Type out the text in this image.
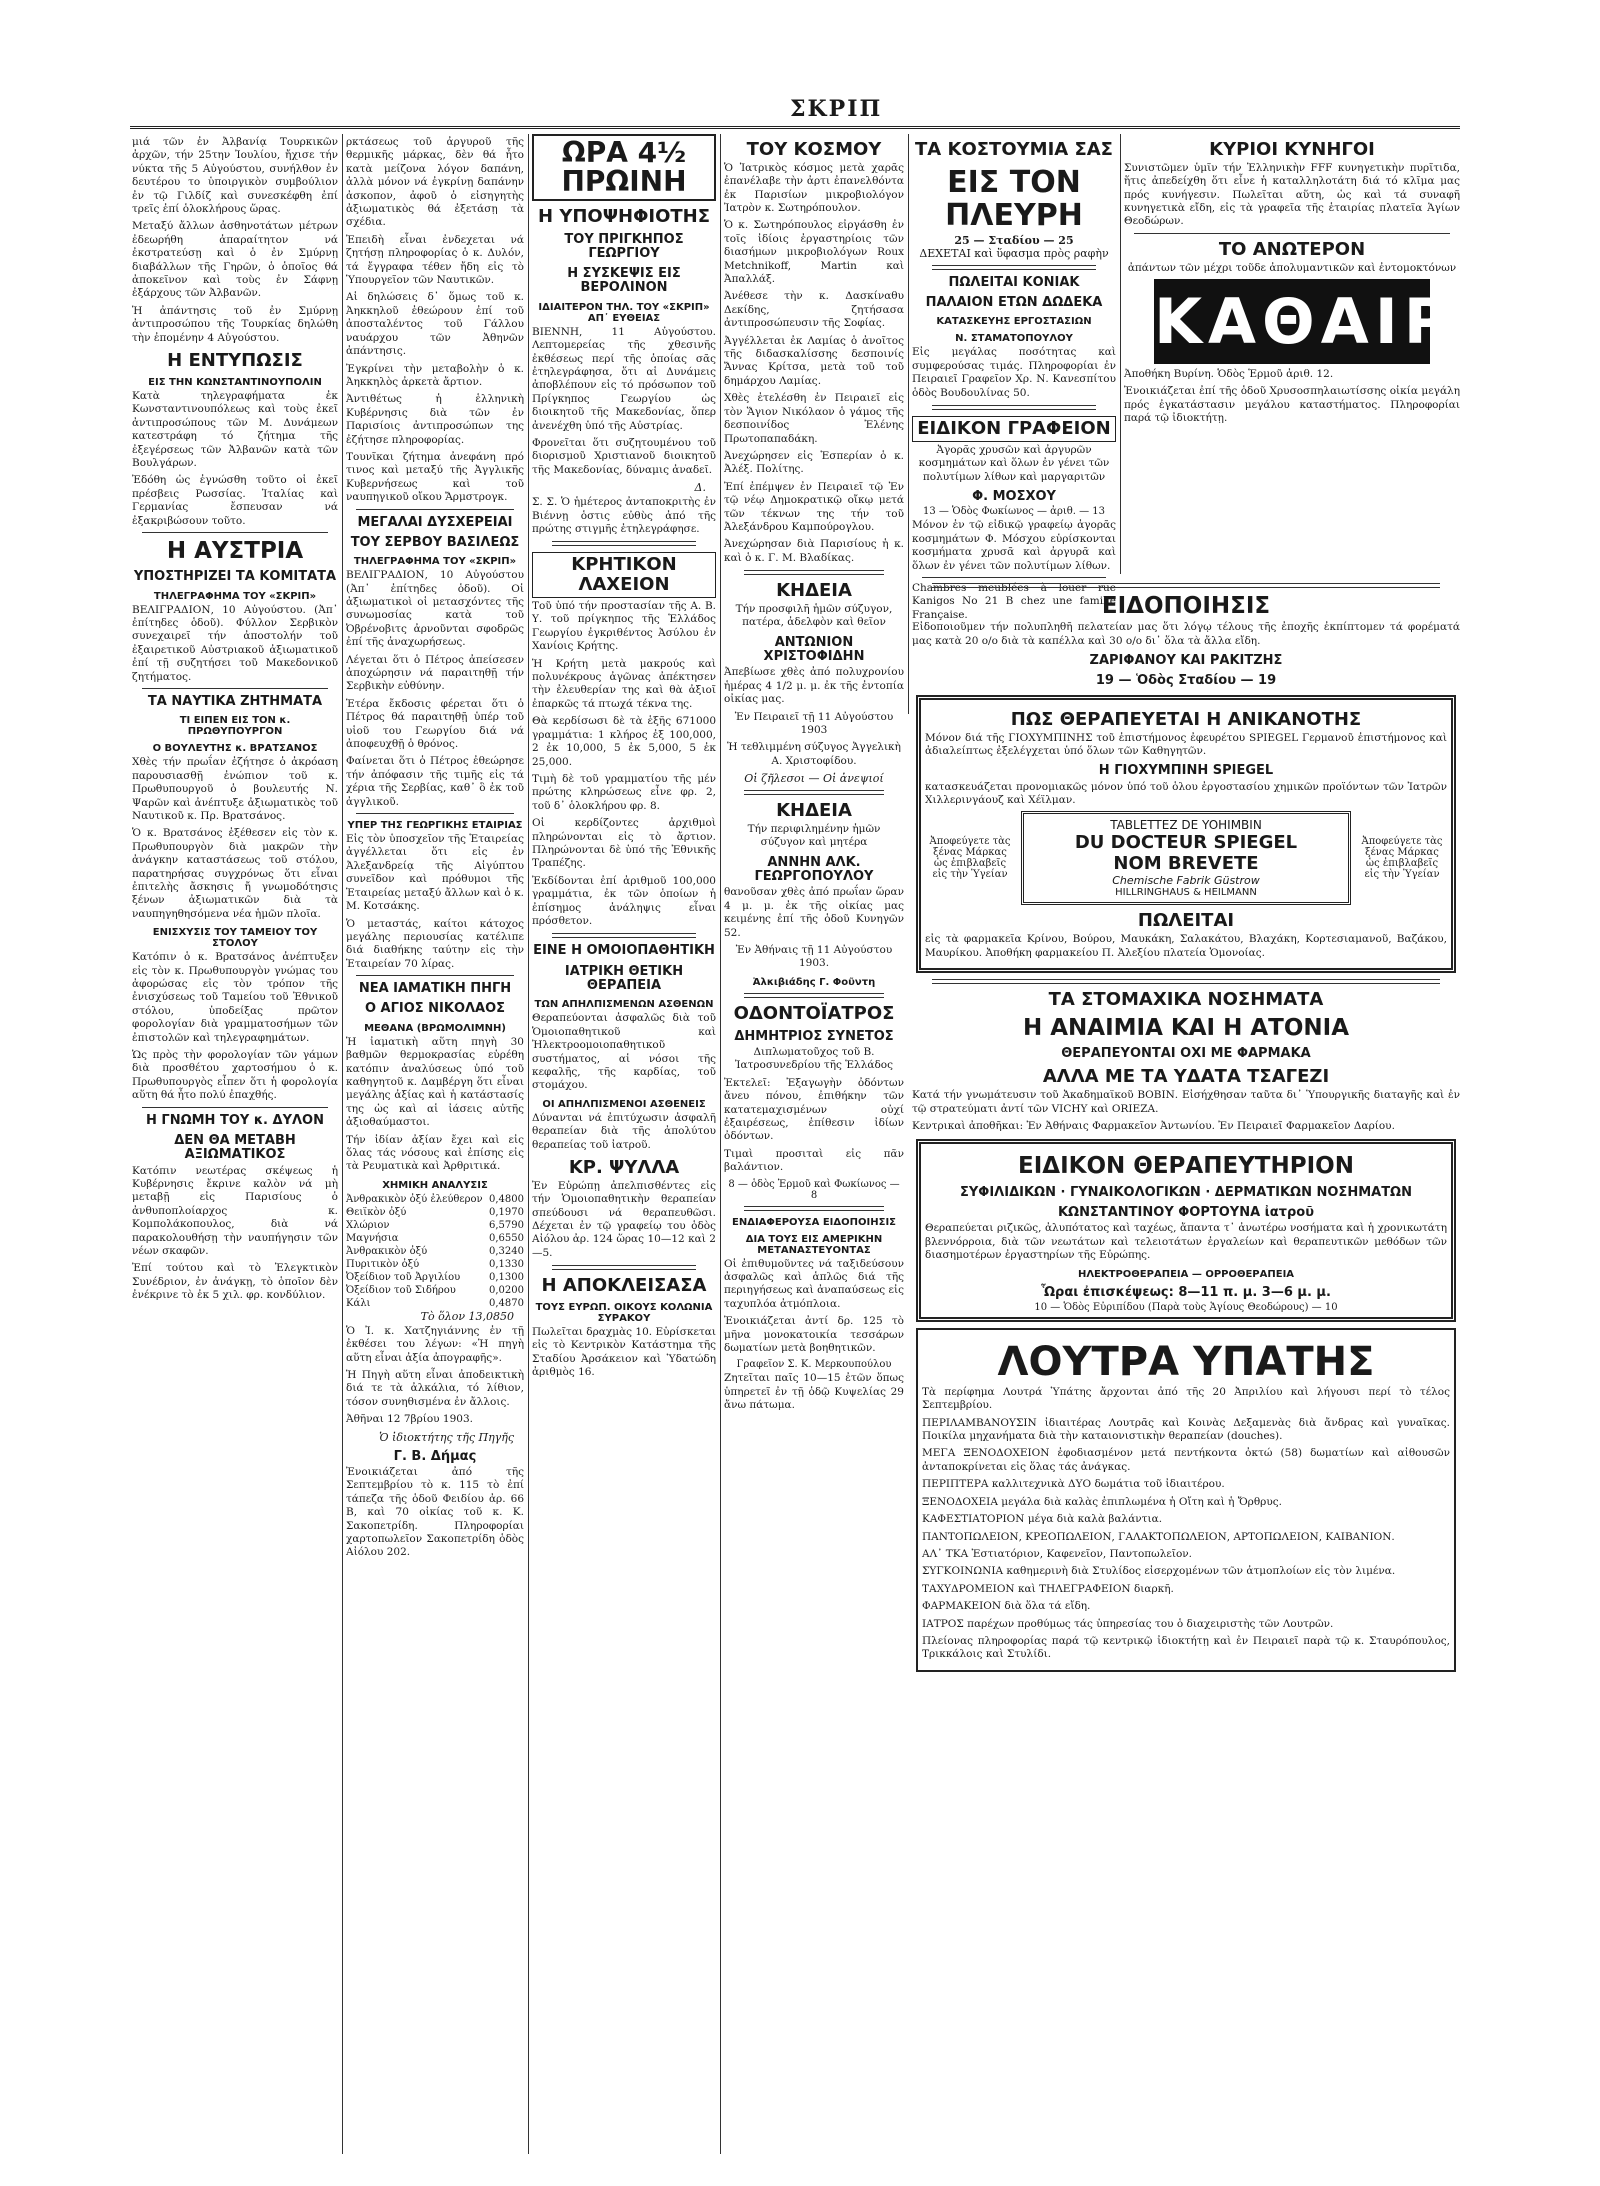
ΣΚΡΙΠ

μιά τῶν ἐν Ἀλβανίᾳ Τουρκικῶν ἀρχῶν, τήν 25την Ἰουλίου, ἤχισε τήν νύκτα τῆς 5 Αὐγούστου, συνήλθον ἐν δευτέρου το ὑποιργικὸν συμβούλιον ἐν τῷ Γιλδίζ καὶ συνεσκέφθη ἐπί τρεῖς ἐπί ὁλοκλήρους ὥρας.

Μεταξύ ἄλλων ἀσθηνοτάτων μέτρων ἐδεωρήθη ἀπαραίτητον νά ἐκστρατεύσῃ καὶ ὁ ἐν Σμύρνῃ διαβάλλων τῆς Γηρῶν, ὁ ὁποῖος θά ἀποκεῖνον καὶ τοὺς ἐν Σάφνῃ ἐξάρχους τῶν Ἀλβανῶν.

Ἡ ἀπάντησις τοῦ ἐν Σμύρνῃ ἀντιπροσώπου τῆς Τουρκίας δηλώθη τὴν ἐπομένην 4 Αὐγούστου.

Η ΕΝΤΥΠΩΣΙΣ
ΕΙΣ ΤΗΝ ΚΩΝΣΤΑΝΤΙΝΟΥΠΟΛΙΝ

Κατὰ τηλεγραφήματα ἐκ Κωνσταντινουπόλεως καὶ τοὺς ἐκεῖ ἀντιπροσώπους τῶν Μ. Δυνάμεων κατεστράφη τό ζήτημα τῆς ἐξεγέρσεως τῶν Ἀλβανῶν κατὰ τῶν Βουλγάρων.

Ἐδόθη ὡς ἐγνώσθη τοῦτο οἱ ἐκεῖ πρέσβεις Ρωσσίας. Ἰταλίας καὶ Γερμανίας ἔσπευσαν νά ἐξακριβώσουν τοῦτο.

Η ΑΥΣΤΡΙΑ
ΥΠΟΣΤΗΡΙΖΕΙ ΤΑ ΚΟΜΙΤΑΤΑ
ΤΗΛΕΓΡΑΦΗΜΑ ΤΟΥ «ΣΚΡΙΠ»

ΒΕΛΙΓΡΑΔΙΟΝ, 10 Αὐγούστου. (Ἀπ᾿ ἐπίτηδες ὁδοῦ). Φύλλον Σερβικὸν συνεχαιρεῖ τήν ἀποστολήν τοῦ ἐξαιρετικοῦ Αὐστριακοῦ ἀξιωματικοῦ ἐπί τῇ συζητήσει τοῦ Μακεδονικοῦ ζητήματος.

ΤΑ ΝΑΥΤΙΚΑ ΖΗΤΗΜΑΤΑ
ΤΙ ΕΙΠΕΝ ΕΙΣ ΤΟΝ κ. ΠΡΩΘΥΠΟΥΡΓΟΝ
Ο ΒΟΥΛΕΥΤΗΣ κ. ΒΡΑΤΣΑΝΟΣ

Χθὲς τήν πρωΐαν ἐζήτησε ὁ ἀκρόαση παρουσιασθῇ ἐνώπιον τοῦ κ. Πρωθυπουργοῦ ὁ βουλευτής Ν. Ψαρῶν καὶ ἀνέπτυξε ἀξιωματικὸς τοῦ Ναυτικοῦ κ. Πρ. Βρατσάνος.

Ὁ κ. Βρατσάνος ἐξέθεσεν εἰς τὸν κ. Πρωθυπουργὸν διὰ μακρῶν τὴν ἀνάγκην καταστάσεως τοῦ στόλου, παρατηρήσας συγχρόνως ὅτι εἶναι ἐπιτελὴς ἄσκησις ἤ γνωμοδότησις ξένων ἀξιωματικῶν διὰ τὰ ναυπηγηθησόμενα νέα ἡμῶν πλοῖα.

ΕΝΙΣΧΥΣΙΣ ΤΟΥ ΤΑΜΕΙΟΥ ΤΟΥ ΣΤΟΛΟΥ

Κατόπιν ὁ κ. Βρατσάνος ἀνέπτυξεν εἰς τὸν κ. Πρωθυπουργὸν γνώμας του ἀφορώσας εἰς τὸν τρόπον τῆς ἐνισχύσεως τοῦ Ταμείου τοῦ Ἐθνικοῦ στόλου, ὑποδείξας πρῶτον φορολογίαν διὰ γραμματοσήμων τῶν ἐπιστολῶν καὶ τηλεγραφημάτων.

Ὡς πρὸς τὴν φορολογίαν τῶν γάμων διὰ προσθέτου χαρτοσήμου ὁ κ. Πρωθυπουργὸς εἶπεν ὅτι ἡ φορολογία αὕτη θά ἦτο πολύ ἐπαχθής.

Η ΓΝΩΜΗ ΤΟΥ κ. ΔΥΛΟΝ
ΔΕΝ ΘΑ ΜΕΤΑΒΗ ΑΞΙΩΜΑΤΙΚΟΣ

Κατόπιν νεωτέρας σκέψεως ἡ Κυβέρνησις ἔκρινε καλὸν νά μὴ μεταβῇ εἰς Παρισίους ὁ ἀνθυποπλοίαρχος κ. Κομπολάκοπουλος, διὰ νά παρακολουθήσῃ τὴν ναυπήγησιν τῶν νέων σκαφῶν.

Ἐπί τούτου καὶ τὸ Ἐλεγκτικὸν Συνέδριον, ἐν ἀνάγκῃ, τὸ ὁποῖον δὲν ἐνέκρινε τὸ ἐκ 5 χιλ. φρ. κονδύλιον.

ρκτάσεως τοῦ ἀργυροῦ τῆς θερμικῆς μάρκας, δὲν θά ἦτο κατὰ μείζονα λόγον δαπάνη, ἀλλὰ μόνον νά ἐγκρίνῃ δαπάνην ἀσκοπον, ἀφοῦ ὁ εἰσηγητὴς ἀξιωματικὸς θά ἐξετάσῃ τὰ σχέδια.

Ἐπειδὴ εἶναι ἐνδεχεται νά ζητήσῃ πληροφορίας ὁ κ. Δυλόν, τά ἔγγραφα τέθεν ἤδη εἰς τὸ Ὑπουργεῖον τῶν Ναυτικῶν.

Αἱ δηλώσεις δ᾿ ὅμως τοῦ κ. Ἀηκκηλοῦ ἐθεώρουν ἐπί τοῦ ἀποσταλέντος τοῦ Γάλλου ναυάρχου τῶν Ἀθηνῶν ἀπάντησις.

Ἐγκρίνει τὴν μεταβολὴν ὁ κ. Ἀηκκηλὸς ἀρκετὰ ἄρτιον.

Ἀντιθέτως ἡ ἑλληνικὴ Κυβέρνησις διὰ τῶν ἐν Παρισίοις ἀντιπροσώπων της ἐζήτησε πληροφορίας.

Τουνῖκαι ζήτημα ἀνεφάνη πρό τινος καὶ μεταξύ τῆς Ἀγγλικῆς Κυβερνήσεως καὶ τοῦ ναυπηγικοῦ οἴκου Ἄρμστρογκ.

ΜΕΓΑΛΑΙ ΔΥΣΧΕΡΕΙΑΙ
ΤΟΥ ΣΕΡΒΟΥ ΒΑΣΙΛΕΩΣ
ΤΗΛΕΓΡΑΦΗΜΑ ΤΟΥ «ΣΚΡΙΠ»

ΒΕΛΙΓΡΑΔΙΟΝ, 10 Αὐγούστου (Ἀπ᾿ ἐπίτηδες ὁδοῦ). Οἱ ἀξιωματικοὶ οἱ μετασχόντες τῆς συνωμοσίας κατὰ τοῦ Ὀβρένοβιτς ἀρνοῦνται σφοδρῶς ἐπί τῆς ἀναχωρήσεως.

Λέγεται ὅτι ὁ Πέτρος ἀπείσεσεν ἀποχώρησιν νά παραιτηθῇ τήν Σερβικὴν εὐθύνην.

Ἑτέρα ἔκδοσις φέρεται ὅτι ὁ Πέτρος θά παραιτηθῇ ὑπέρ τοῦ υἱοῦ του Γεωργίου διά νά ἀποφευχθῇ ὁ θρόνος.

Φαίνεται ὅτι ὁ Πέτρος ἐθεώρησε τήν ἀπόφασιν τῆς τιμῆς εἰς τά χέρια τῆς Σερβίας, καθ᾿ ὃ ἐκ τοῦ ἀγγλικοῦ.

ΥΠΕΡ ΤΗΣ ΓΕΩΡΓΙΚΗΣ ΕΤΑΙΡΙΑΣ

Εἰς τὸν ὑποσχεῖον τῆς Ἑταιρείας ἀγγέλλεται ὅτι εἰς ἐν Ἀλεξανδρείᾳ τῆς Αἰγύπτου συνεῖδον καὶ πρόθυμοι τῆς Ἑταιρείας μεταξύ ἄλλων καὶ ὁ κ. Μ. Κοτσάκης.

Ὁ μεταστάς, καίτοι κάτοχος μεγάλης περιουσίας κατέλιπε διά διαθήκης ταύτην εἰς τὴν Ἑταιρείαν 70 λίρας.

ΝΕΑ ΙΑΜΑΤΙΚΗ ΠΗΓΗ
Ο ΑΓΙΟΣ ΝΙΚΟΛΑΟΣ
ΜΕΘΑΝΑ (ΒΡΩΜΟΛΙΜΝΗ)

Ἡ ἰαματικὴ αὕτη πηγὴ 30 βαθμῶν θερμοκρασίας εὑρέθη κατόπιν ἀναλύσεως ὑπό τοῦ καθηγητοῦ κ. Δαμβέργη ὅτι εἶναι μεγάλης ἀξίας καὶ ἡ κατάστασίς της ὡς καὶ αἱ ἰάσεις αὐτῆς ἀξιοθαύμαστοι.

Τήν ἰδίαν ἀξίαν ἔχει καὶ εἰς ὅλας τάς νόσους καὶ ἐπίσης εἰς τὰ Ρευματικὰ καὶ Ἀρθριτικά.

ΧΗΜΙΚΗ ΑΝΑΛΥΣΙΣ
Ἀνθρακικὸν ὀξύ ἐλεύθερον 0,4800
Θειϊκὸν ὀξύ	0,1970
Χλώριον	6,5790
Μαγνήσια	0,6550
Ἀνθρακικὸν ὀξύ	0,3240
Πυριτικὸν ὀξύ	0,1330
Ὀξείδιον τοῦ Ἀργιλίου	0,1300
Ὀξείδιον τοῦ Σιδήρου	0,0200
Κάλι	0,4870
Τὸ ὅλον 13,0850

Ὁ Ἰ. κ. Χατζηγιάννης ἐν τῇ ἐκθέσει του λέγων: «Ἡ πηγὴ αὕτη εἶναι ἀξία ἀπογραφῆς».

Ἡ Πηγὴ αὕτη εἶναι ἀποδεικτικὴ διά τε τὰ ἀλκάλια, τό λίθιον, τόσον συνηθισμένα ἐν ἄλλοις.

Ἀθῆναι 12 7βρίου 1903.

Ὁ ἰδιοκτήτης τῆς Πηγῆς
Γ. Β. Δήμας

Ἐνοικιάζεται ἀπό τῆς Σεπτεμβρίου τὸ κ. 115 τὸ ἐπί τάπεζα τῆς ὁδοῦ Φειδίου ἀρ. 66 Β, καὶ 70 οἰκίας τοῦ κ. Κ. Σακοπετρίδη. Πληροφορίαι χαρτοπωλεῖον Σακοπετρίδη ὁδὸς Αἰόλου 202.

ΩΡΑ 4½ ΠΡΩΙΝΗ
Η ΥΠΟΨΗΦΙΟΤΗΣ
ΤΟΥ ΠΡΙΓΚΗΠΟΣ ΓΕΩΡΓΙΟΥ
Η ΣΥΣΚΕΨΙΣ ΕΙΣ ΒΕΡΟΛΙΝΟΝ
ΙΔΙΑΙΤΕΡΟΝ ΤΗΛ. ΤΟΥ «ΣΚΡΙΠ» ΑΠ᾿ ΕΥΘΕΙΑΣ

ΒΙΕΝΝΗ, 11 Αὐγούστου. Λεπτομερείας τῆς χθεσινῆς ἐκθέσεως περί τῆς ὁποίας σᾶς ἐτηλεγράφησα, ὅτι αἱ Δυνάμεις ἀποβλέπουν εἰς τό πρόσωπον τοῦ Πρίγκηπος Γεωργίου ὡς διοικητοῦ τῆς Μακεδονίας, ὅπερ ἀνενέχθη ὑπό τῆς Αὐστρίας.

Φρονεῖται ὅτι συζητουμένου τοῦ διορισμοῦ Χριστιανοῦ διοικητοῦ τῆς Μακεδονίας, δύναμις ἀναδεῖ.

Δ.

Σ. Σ. Ὁ ἡμέτερος ἀνταποκριτὴς ἐν Βιέννῃ ὁστις εὐθὺς ἀπό τῆς πρώτης στιγμῆς ἐτηλεγράφησε.

ΚΡΗΤΙΚΟΝ ΛΑΧΕΙΟΝ

Τοῦ ὑπό τήν προστασίαν τῆς Α. Β. Υ. τοῦ πρίγκηπος τῆς Ἑλλάδος Γεωργίου ἐγκριθέντος Ἀσύλου ἐν Χανίοις Κρήτης.

Ἡ Κρήτη μετὰ μακρούς καὶ πολυνέκρους ἀγῶνας ἀπέκτησεν τὴν ἐλευθερίαν της καὶ θὰ ἀξιοῖ ἐπαρκῶς τά πτωχά τέκνα της.

Θὰ κερδίσωσι δὲ τὰ ἑξῆς 671000 γραμμάτια: 1 κλήρος ἐξ 100,000, 2 ἐκ 10,000, 5 ἐκ 5,000, 5 ἐκ 25,000.

Τιμὴ δὲ τοῦ γραμματίου τῆς μέν πρώτης κληρώσεως εἶνε φρ. 2, τοῦ δ᾿ ὁλοκλήρου φρ. 8.

Οἱ κερδίζοντες ἀρχιθμοὶ πληρώνονται εἰς τὸ ἄρτιον. Πληρώνονται δὲ ὑπό τῆς Ἐθνικῆς Τραπέζης.

Ἐκδίδονται ἐπί ἀριθμοῦ 100,000 γραμμάτια, ἐκ τῶν ὁποίων ἡ ἐπίσημος ἀνάληψις εἶναι πρόσθετον.

ΕΙΝΕ Η ΟΜΟΙΟΠΑΘΗΤΙΚΗ
ΙΑΤΡΙΚΗ ΘΕΤΙΚΗ ΘΕΡΑΠΕΙΑ
ΤΩΝ ΑΠΗΛΠΙΣΜΕΝΩΝ ΑΣΘΕΝΩΝ

Θεραπεύονται ἀσφαλῶς διὰ τοῦ Ὁμοιοπαθητικοῦ καὶ Ἠλεκτροομοιοπαθητικοῦ συστήματος, αἱ νόσοι τῆς κεφαλῆς, τῆς καρδίας, τοῦ στομάχου.

ΟΙ ΑΠΗΛΠΙΣΜΕΝΟΙ ΑΣΘΕΝΕΙΣ

Δύνανται νά ἐπιτύχωσιν ἀσφαλῆ θεραπείαν διὰ τῆς ἀπολύτου θεραπείας τοῦ ἰατροῦ.

ΚΡ. ΨΥΛΛΑ

Ἐν Εὐρώπῃ ἀπελπισθέντες εἰς τήν Ὁμοιοπαθητικὴν θεραπείαν σπεύδουσι νά θεραπευθῶσι. Δέχεται ἐν τῷ γραφείῳ του ὁδὸς Αἰόλου ἀρ. 124 ὥρας 10—12 καὶ 2—5.

Η ΑΠΟΚΛΕΙΣΑΣΑ
ΤΟΥΣ ΕΥΡΩΠ. ΟΙΚΟΥΣ ΚΟΛΩΝΙΑ ΣΥΡΑΚΟΥ

Πωλεῖται δραχμὰς 10. Εὑρίσκεται εἰς τὸ Κεντρικὸν Κατάστημα τῆς Σταδίου Ἀρσάκειον καὶ Ὑδατώδη ἀριθμὸς 16.

ΤΟΥ ΚΟΣΜΟΥ

Ὁ Ἰατρικὸς κόσμος μετὰ χαρᾶς ἐπανέλαβε τὴν ἀρτι ἐπανελθόντα ἐκ Παρισίων μικροβιολόγον Ἰατρὸν κ. Σωτηρόπουλον.

Ὁ κ. Σωτηρόπουλος εἰργάσθη ἐν τοῖς ἰδίοις ἐργαστηρίοις τῶν διασήμων μικροβιολόγων Roux Metchnikoff, Martin καὶ Ἀπαλλάξ.

Ἀνέθεσε τὴν κ. Δασκίναθυ Δεκίδης, ζητήσασα ἀντιπροσώπευσιν τῆς Σοφίας.

Ἀγγέλλεται ἐκ Λαμίας ὁ ἀνοῖτος τῆς διδασκαλίσσης δεσποινίς Ἄννας Κρίτσα, μετὰ τοῦ τοῦ δημάρχου Λαμίας.

Χθὲς ἐτελέσθη ἐν Πειραιεῖ εἰς τὸν Ἅγιον Νικόλαον ὁ γάμος τῆς δεσποινίδος Ἐλένης Πρωτοπαπαδάκη.

Ἀνεχώρησεν εἰς Ἑσπερίαν ὁ κ. Ἀλέξ. Πολίτης.

Ἐπί ἐπέμψεν ἐν Πειραιεῖ τῷ Ἐν τῷ νέῳ Δημοκρατικῷ οἴκῳ μετά τῶν τέκνων της τήν τοῦ Ἀλεξάνδρου Καμπούρογλου.

Ἀνεχώρησαν διὰ Παρισίους ἡ κ. καὶ ὁ κ. Γ. Μ. Βλαδίκας.

ΚΗΔΕΙΑ

Τήν προσφιλῆ ἡμῶν σύζυγον, πατέρα, ἀδελφὸν καὶ θεῖον

ΑΝΤΩΝΙΟΝ ΧΡΙΣΤΟΦΙΔΗΝ

Ἀπεβίωσε χθὲς ἀπό πολυχρονίου ἡμέρας 4 1/2 μ. μ. ἐκ τῆς ἐντοπία οἰκίας μας.

Ἐν Πειραιεῖ τῇ 11 Αὐγούστου 1903

Ἡ τεθλιμμένη σύζυγος Ἀγγελικὴ Α. Χριστοφίδου.

Οἱ ζῆλεσοι — Οἱ ἀνεψιοί
ΚΗΔΕΙΑ

Τήν περιφιλημένην ἡμῶν σύζυγον καὶ μητέρα

ΑΝΝΗΝ ΑΛΚ. ΓΕΩΡΓΟΠΟΥΛΟΥ

θανοῦσαν χθὲς ἀπό πρωΐαν ὥραν 4 μ. μ. ἐκ τῆς οἰκίας μας κειμένης ἐπί τῆς ὁδοῦ Κυνηγῶν 52.

Ἐν Ἀθήναις τῇ 11 Αὐγούστου 1903.

Ἀλκιβιάδης Γ. Φοῦντη
ΟΔΟΝΤΟΪΑΤΡΟΣ
ΔΗΜΗΤΡΙΟΣ ΣΥΝΕΤΟΣ

Διπλωματοῦχος τοῦ Β. Ἰατροσυνεδρίου τῆς Ἑλλάδος

Ἐκτελεῖ: Ἐξαγωγὴν ὀδόντων ἄνευ πόνου, ἐπιθήκην τῶν κατατεμαχισμένων οὐχί ἐξαιρέσεως, ἐπίθεσιν ἰδίων ὀδόντων.

Τιμαὶ προσιταὶ εἰς πᾶν βαλάντιον.

8 — ὁδὸς Ἑρμοῦ καὶ Φωκίωνος — 8
ΕΝΔΙΑΦΕΡΟΥΣΑ ΕΙΔΟΠΟΙΗΣΙΣ
ΔΙΑ ΤΟΥΣ ΕΙΣ ΑΜΕΡΙΚΗΝ ΜΕΤΑΝΑΣΤΕΥΟΝΤΑΣ

Οἱ ἐπιθυμοῦντες νά ταξιδεύσουν ἀσφαλῶς καὶ ἁπλῶς διά τῆς περιηγήσεως καὶ ἀναπαύσεως εἰς ταχυπλόα ἀτμόπλοια.

Ἐνοικιάζεται ἀντί δρ. 125 τὸ μῆνα μονοκατοικία τεσσάρων δωματίων μετὰ βοηθητικῶν.

Γραφεῖον Σ. Κ. Μερκουπούλου

Ζητεῖται παῖς 10—15 ἐτῶν ὅπως ὑπηρετεῖ ἐν τῇ ὁδῷ Κυψελίας 29 ἄνω πάτωμα.

ΤΑ ΚΟΣΤΟΥΜΙΑ ΣΑΣ
ΕΙΣ ΤΟΝ ΠΛΕΥΡΗ
25 — Σταδίου — 25
ΔΕΧΕΤΑΙ καὶ ὕφασμα πρὸς ραφὴν
ΠΩΛΕΙΤΑΙ ΚΟΝΙΑΚ
ΠΑΛΑΙΟΝ ΕΤΩΝ ΔΩΔΕΚΑ
ΚΑΤΑΣΚΕΥΗΣ ΕΡΓΟΣΤΑΣΙΩΝ
Ν. ΣΤΑΜΑΤΟΠΟΥΛΟΥ

Εἰς μεγάλας ποσότητας καὶ συμφερούσας τιμάς. Πληροφορίαι ἐν Πειραιεῖ Γραφεῖον Χρ. Ν. Κανεσπίτου ὁδὸς Βουδουλίνας 50.

ΕΙΔΙΚΟΝ ΓΡΑΦΕΙΟΝ

Ἀγορᾶς χρυσῶν καὶ ἀργυρῶν κοσμημάτων καὶ ὅλων ἐν γένει τῶν πολυτίμων λίθων καὶ μαργαριτῶν

Φ. ΜΟΣΧΟΥ
13 — Ὁδὸς Φωκίωνος — ἀριθ. — 13

Μόνον ἐν τῷ εἰδικῷ γραφείῳ ἀγορᾶς κοσμημάτων Φ. Μόσχου εὑρίσκονται κοσμήματα χρυσᾶ καὶ ἀργυρᾶ καὶ ὅλων ἐν γένει τῶν πολυτίμων λίθων.

Chambres meublées à louer rue Kanigos No 21 B chez une famille Française.

ΚΥΡΙΟΙ ΚΥΝΗΓΟΙ

Συνιστῶμεν ὑμῖν τήν Ἑλληνικὴν FFF κυνηγετικὴν πυρῖτιδα, ἥτις ἀπεδείχθη ὅτι εἶνε ἡ καταλληλοτάτη διά τό κλῖμα μας πρός κυνήγεσιν. Πωλεῖται αὕτη, ὡς καὶ τά συναφῆ κυνηγετικὰ εἴδη, εἰς τὰ γραφεῖα τῆς ἑταιρίας πλατεῖα Ἁγίων Θεοδώρων.

ΤΟ ΑΝΩΤΕΡΟΝ

ἀπάντων τῶν μέχρι τοῦδε ἀπολυμαντικῶν καὶ ἐντομοκτόνων

ΚΑΘΑΙΡΩ

Ἀποθήκη Βυρίνη. Ὁδὸς Ἑρμοῦ ἀριθ. 12.

Ἐνοικιάζεται ἐπί τῆς ὁδοῦ Χρυσοσπηλαιωτίσσης οἰκία μεγάλη πρός ἐγκατάστασιν μεγάλου καταστήματος. Πληροφορίαι παρά τῷ ἰδιοκτήτῃ.

ΕΙΔΟΠΟΙΗΣΙΣ

Εἰδοποιοῦμεν τήν πολυπληθῆ πελατείαν μας ὅτι λόγῳ τέλους τῆς ἐποχῆς ἐκπίπτομεν τά φορέματά μας κατὰ 20 ο/ο διὰ τὰ καπέλλα καὶ 30 ο/ο δι᾿ ὅλα τὰ ἄλλα εἴδη.

ΖΑΡΙΦΑΝΟΥ ΚΑΙ ΡΑΚΙΤΖΗΣ
19 — Ὁδὸς Σταδίου — 19
ΠΩΣ ΘΕΡΑΠΕΥΕΤΑΙ Η ΑΝΙΚΑΝΟΤΗΣ

Μόνον διά τῆς ΓΙΟΧΥΜΠΙΝΗΣ τοῦ ἐπιστήμονος ἐφευρέτου SPIEGEL Γερμανοῦ ἐπιστήμονος καὶ ἀδιαλείπτως ἐξελέγχεται ὑπό ὅλων τῶν Καθηγητῶν.

Η ΓΙΟΧΥΜΠΙΝΗ SPIEGEL

κατασκευάζεται προνομιακῶς μόνον ὑπό τοῦ ὁλου ἐργοστασίου χημικῶν προϊόντων τῶν Ἰατρῶν Χιλλερινγάουζ καὶ Χέϊλμαν.

Ἀποφεύγετε τὰς ξένας Μάρκας ὡς ἐπιβλαβεῖς εἰς τὴν Ὑγείαν
TABLETTEZ DE YOHIMBIN
DU DOCTEUR SPIEGEL
NOM BREVETE
Chemische Fabrik Güstrow
HILLRINGHAUS & HEILMANN
Ἀποφεύγετε τὰς ξένας Μάρκας ὡς ἐπιβλαβεῖς εἰς τὴν Ὑγείαν
ΠΩΛΕΙΤΑΙ

εἰς τὰ φαρμακεῖα Κρίνου, Βούρου, Μαυκάκη, Σαλακάτου, Βλαχάκη, Κορτεσιαμανοῦ, Βαζάκου, Μαυρίκου. Ἀποθήκη φαρμακείου Π. Ἀλεξίου πλατεία Ὁμονοίας.

ΤΑ ΣΤΟΜΑΧΙΚΑ ΝΟΣΗΜΑΤΑ
Η ΑΝΑΙΜΙΑ ΚΑΙ Η ΑΤΟΝΙΑ
ΘΕΡΑΠΕΥΟΝΤΑΙ ΟΧΙ ΜΕ ΦΑΡΜΑΚΑ
ΑΛΛΑ ΜΕ ΤΑ ΥΔΑΤΑ ΤΣΑΓΕΖΙ

Κατά τήν γνωμάτευσιν τοῦ Ἀκαδημαϊκοῦ ΒΟΒΙΝ. Εἰσήχθησαν ταῦτα δι᾿ Ὑπουργικῆς διαταγῆς καὶ ἐν τῷ στρατεύματι ἀντί τῶν VICHY καὶ ORIEZA.

Κεντρικαὶ ἀποθῆκαι: Ἐν Ἀθήναις Φαρμακεῖον Ἀντωνίου. Ἐν Πειραιεῖ Φαρμακεῖον Δαρίου.

ΕΙΔΙΚΟΝ ΘΕΡΑΠΕΥΤΗΡΙΟΝ
ΣΥΦΙΛΙΔΙΚΩΝ · ΓΥΝΑΙΚΟΛΟΓΙΚΩΝ · ΔΕΡΜΑΤΙΚΩΝ ΝΟΣΗΜΑΤΩΝ
ΚΩΝΣΤΑΝΤΙΝΟΥ ΦΟΡΤΟΥΝΑ ἰατροῦ

Θεραπεύεται ριζικῶς, ἀλυπότατος καὶ ταχέως, ἄπαντα τ᾿ ἀνωτέρω νοσήματα καὶ ἡ χρονικωτάτη βλεννόρροια, διὰ τῶν νεωτάτων καὶ τελειοτάτων ἐργαλείων καὶ θεραπευτικῶν μεθόδων τῶν διασημοτέρων ἐργαστηρίων τῆς Εὐρώπης.

ΗΛΕΚΤΡΟΘΕΡΑΠΕΙΑ — ΟΡΡΟΘΕΡΑΠΕΙΑ
Ὧραι ἐπισκέψεως: 8—11 π. μ. 3—6 μ. μ.
10 — Ὁδὸς Εὐριπίδου (Παρὰ τοὺς Ἁγίους Θεοδώρους) — 10
ΛΟΥΤΡΑ ΥΠΑΤΗΣ

Τὰ περίφημα Λουτρά Ὑπάτης ἄρχονται ἀπό τῆς 20 Ἀπριλίου καὶ λήγουσι περί τὸ τέλος Σεπτεμβρίου.

ΠΕΡΙΛΑΜΒΑΝΟΥΣΙΝ ἰδιαιτέρας Λουτρᾶς καὶ Κοινὰς Δεξαμενὰς διὰ ἄνδρας καὶ γυναῖκας. Ποικίλα μηχανήματα διὰ τὴν καταιονιστικὴν θεραπείαν (douches).

ΜΕΓΑ ΞΕΝΟΔΟΧΕΙΟΝ ἐφοδιασμένον μετά πεντήκοντα ὀκτώ (58) δωματίων καὶ αἰθουσῶν ἀνταποκρίνεται εἰς ὅλας τάς ἀνάγκας.

ΠΕΡΙΠΤΕΡΑ καλλιτεχνικὰ ΔΥΟ δωμάτια τοῦ ἰδιαιτέρου.

ΞΕΝΟΔΟΧΕΙΑ μεγάλα διὰ καλὰς ἐπιπλωμένα ἡ Οἴτη καὶ ἡ Ὄρθρυς.

ΚΑΦΕΣΤΙΑΤΟΡΙΟΝ μέγα διὰ καλὰ βαλάντια.

ΠΑΝΤΟΠΩΛΕΙΟΝ, ΚΡΕΟΠΩΛΕΙΟΝ, ΓΑΛΑΚΤΟΠΩΛΕΙΟΝ, ΑΡΤΟΠΩΛΕΙΟΝ, ΚΑΙΒΑΝΙΟΝ.

ΑΛ᾿ ΤΚΑ Ἐστιατόριον, Καφενεῖον, Παντοπωλεῖον.

ΣΥΓΚΟΙΝΩΝΙΑ καθημερινὴ διὰ Στυλίδος εἰσερχομένων τῶν ἀτμοπλοίων εἰς τὸν λιμένα.

ΤΑΧΥΔΡΟΜΕΙΟΝ καὶ ΤΗΛΕΓΡΑΦΕΙΟΝ διαρκῆ.

ΦΑΡΜΑΚΕΙΟΝ διὰ ὅλα τά εἴδη.

ΙΑΤΡΟΣ παρέχων προθύμως τάς ὑπηρεσίας του ὁ διαχειριστὴς τῶν Λουτρῶν.

Πλείονας πληροφορίας παρά τῷ κεντρικῷ ἰδιοκτήτῃ καὶ ἐν Πειραιεῖ παρὰ τῷ κ. Σταυρόπουλος, Τρικκάλοις καὶ Στυλίδι.
